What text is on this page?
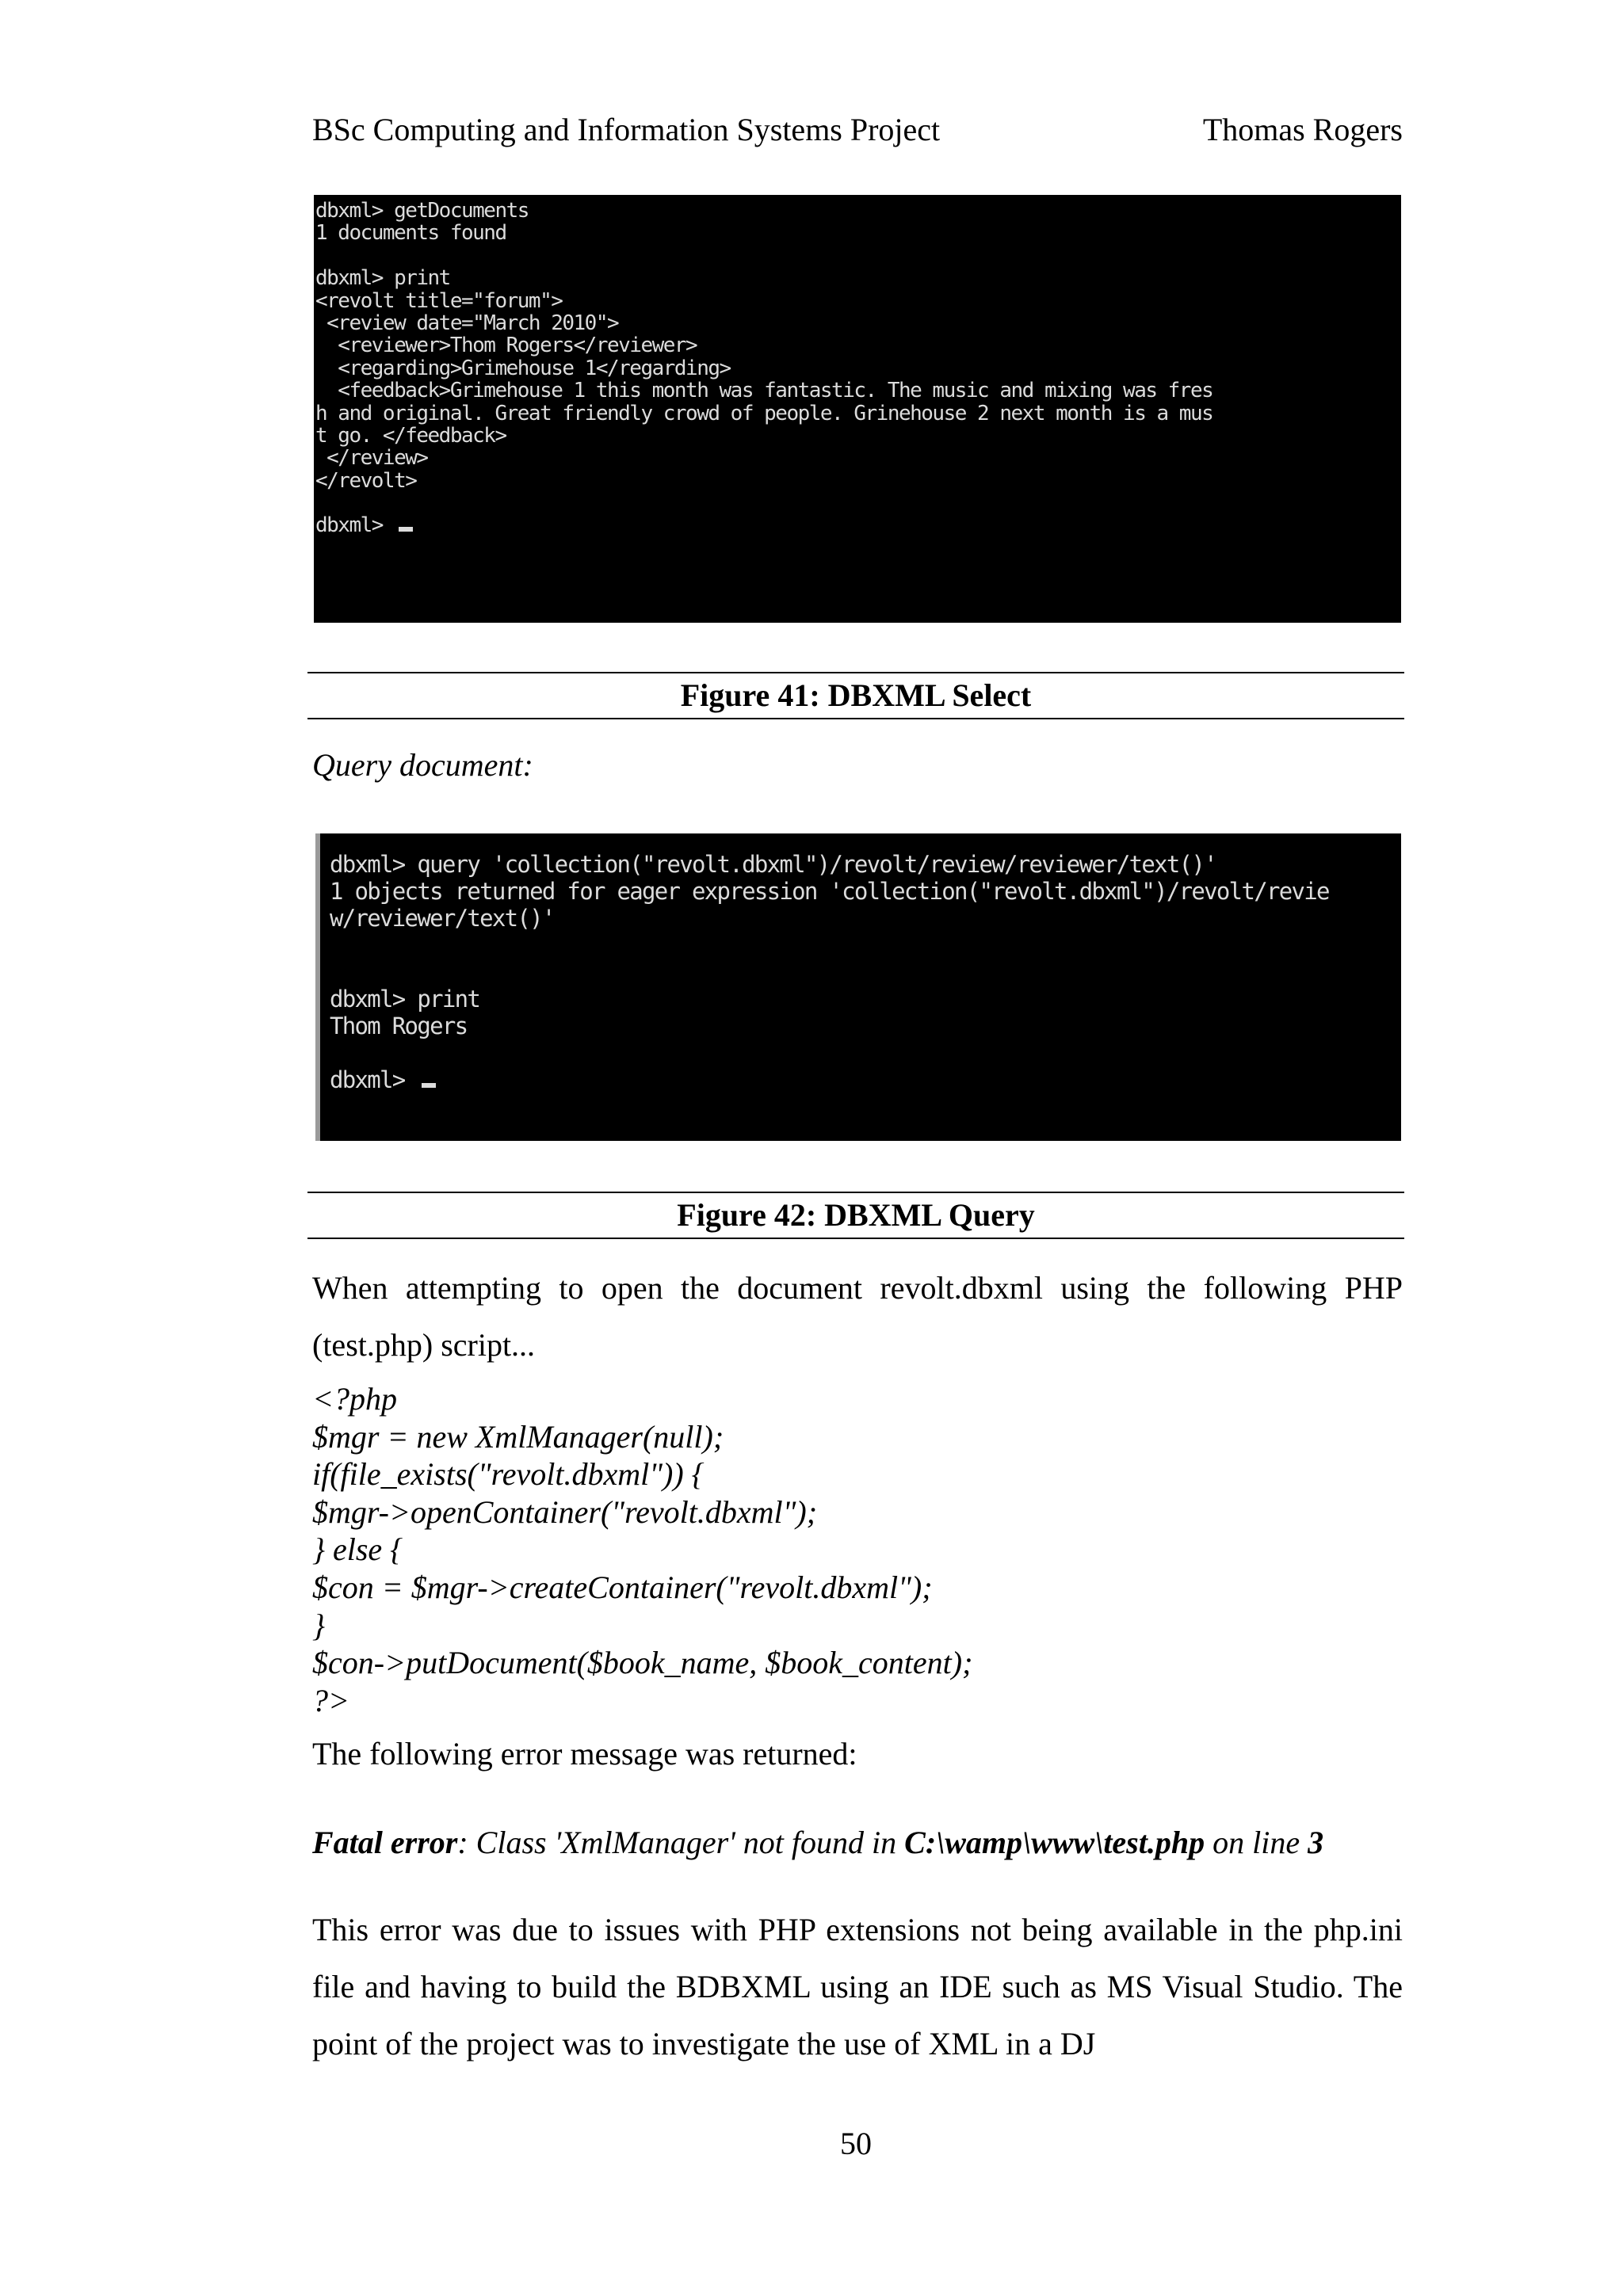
BSc Computing and Information Systems Project	Thomas Rogers
dbxml> getDocuments
1 documents found
dbxml> print
<revolt title="forum">
<review date="March 2010">
<reviewer>Thom Rogers</reviewer>
<regarding>Grimehouse 1</regarding>
<feedback>Grimehouse 1 this month was fantastic. The music and mixing was fres
h and original. Great friendly crowd of people. Grinehouse 2 next month is a mus
t go. </feedback>
</review>
</revolt>
dbxml>
Figure 41: DBXML Select
Query document:
dbxml> query 'collection("revolt.dbxml")/revolt/review/reviewer/text()'
1 objects returned for eager expression 'collection("revolt.dbxml")/revolt/revie
w/reviewer/text()'
dbxml> print
Thom Rogers
dbxml>
Figure 42: DBXML Query
When attempting to open the document revolt.dbxml using the following PHP (test.php) script...
<?php
$mgr = new XmlManager(null);
if(file_exists("revolt.dbxml")) {
$mgr->openContainer("revolt.dbxml");
} else {
$con = $mgr->createContainer("revolt.dbxml");
}
$con->putDocument($book_name, $book_content);
?>
The following error message was returned:
Fatal error: Class 'XmlManager' not found in C:\wamp\www\test.php on line 3
This error was due to issues with PHP extensions not being available in the php.ini file and having to build the BDBXML using an IDE such as MS Visual Studio. The point of the project was to investigate the use of XML in a DJ
50
